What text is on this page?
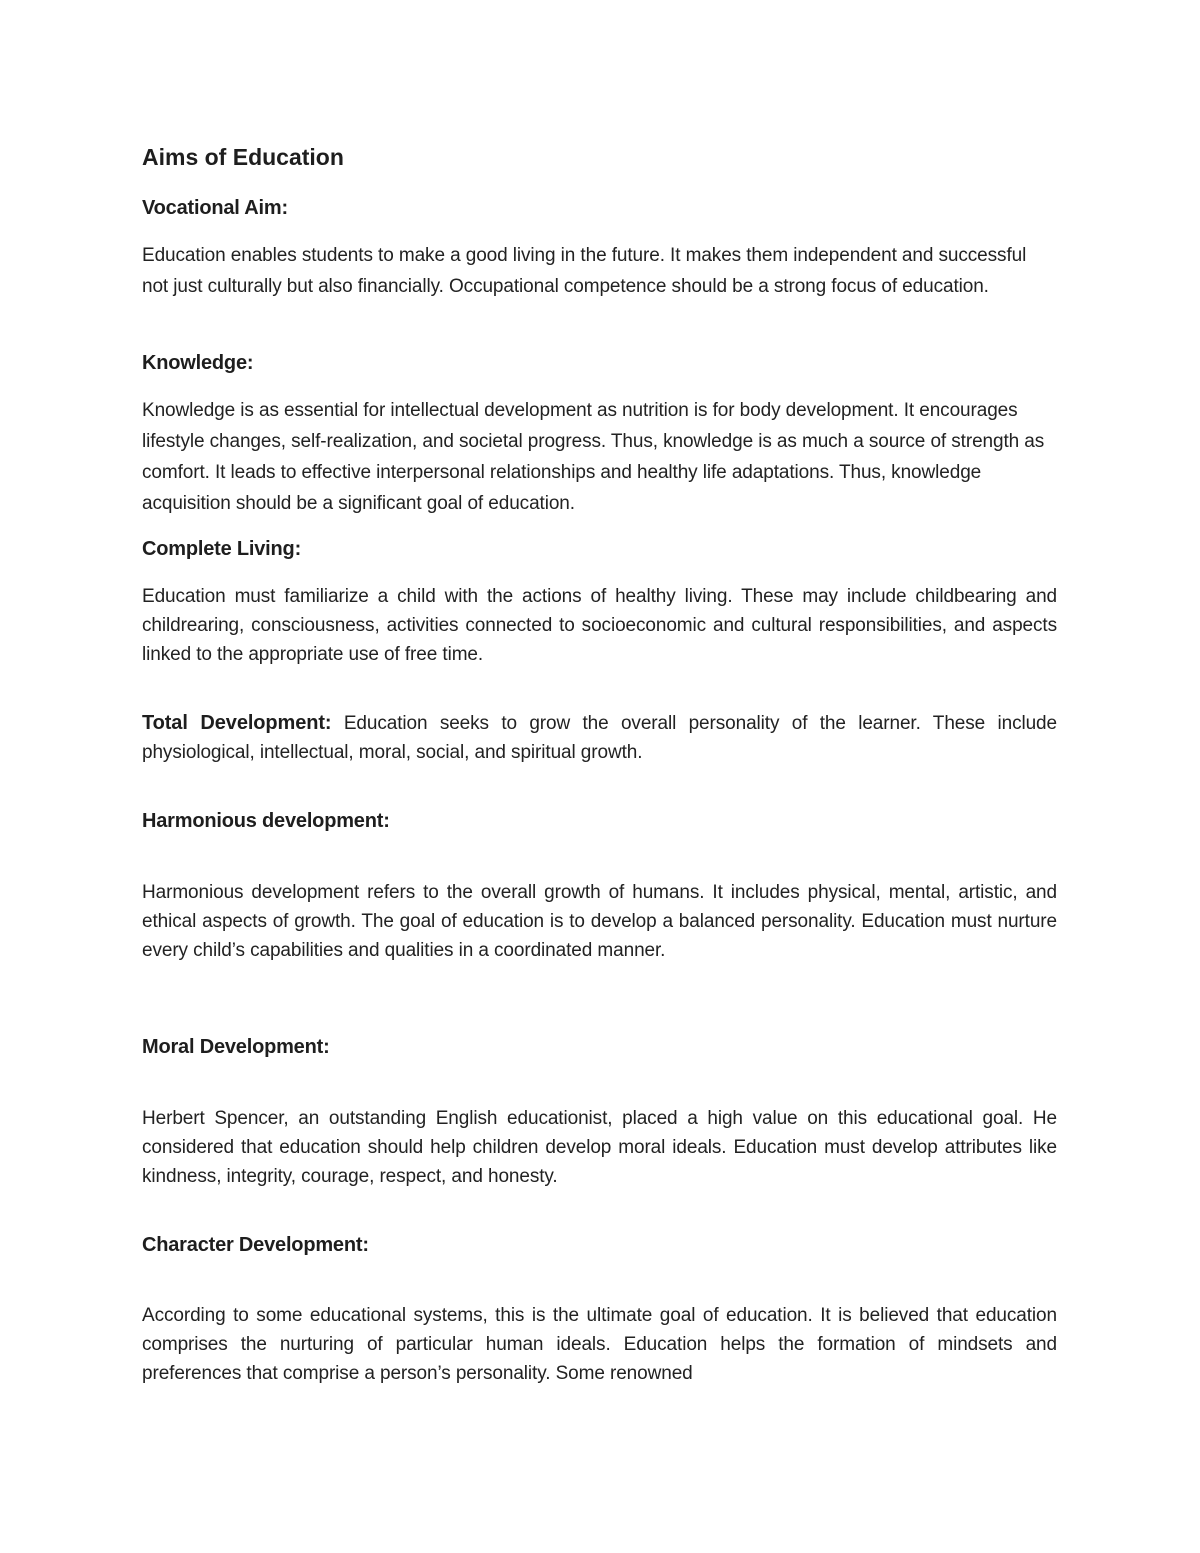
Aims of Education
Vocational Aim:

Education enables students to make a good living in the future. It makes them independent and successful not just culturally but also financially. Occupational competence should be a strong focus of education.

Knowledge:

Knowledge is as essential for intellectual development as nutrition is for body development. It encourages lifestyle changes, self-realization, and societal progress. Thus, knowledge is as much a source of strength as comfort. It leads to effective interpersonal relationships and healthy life adaptations. Thus, knowledge acquisition should be a significant goal of education.

Complete Living:

Education must familiarize a child with the actions of healthy living. These may include childbearing and childrearing, consciousness, activities connected to socioeconomic and cultural responsibilities, and aspects linked to the appropriate use of free time.

Total Development: Education seeks to grow the overall personality of the learner. These include physiological, intellectual, moral, social, and spiritual growth.

Harmonious development:

Harmonious development refers to the overall growth of humans. It includes physical, mental, artistic, and ethical aspects of growth. The goal of education is to develop a balanced personality. Education must nurture every child’s capabilities and qualities in a coordinated manner.

Moral Development:

Herbert Spencer, an outstanding English educationist, placed a high value on this educational goal. He considered that education should help children develop moral ideals. Education must develop attributes like kindness, integrity, courage, respect, and honesty.

Character Development:

According to some educational systems, this is the ultimate goal of education. It is believed that education comprises the nurturing of particular human ideals. Education helps the formation of mindsets and preferences that comprise a person’s personality. Some renowned
